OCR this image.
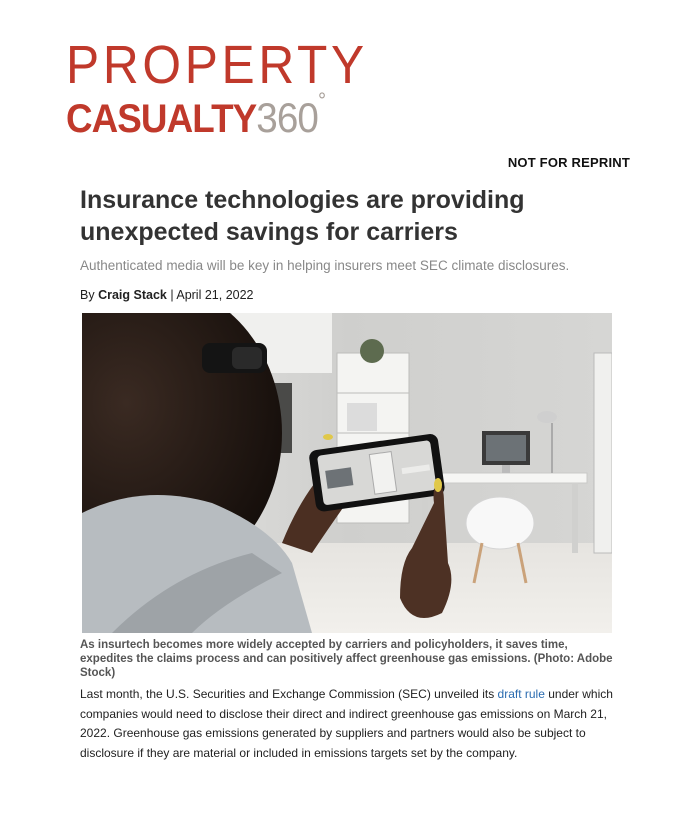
PROPERTY
CASUALTY360°
NOT FOR REPRINT
Insurance technologies are providing unexpected savings for carriers

Authenticated media will be key in helping insurers meet SEC climate disclosures.

By Craig Stack | April 21, 2022
As insurtech becomes more widely accepted by carriers and policyholders, it saves time, expedites the claims process and can positively affect greenhouse gas emissions. (Photo: Adobe Stock)
Last month, the U.S. Securities and Exchange Commission (SEC) unveiled its draft rule under which companies would need to disclose their direct and indirect greenhouse gas emissions on March 21, 2022. Greenhouse gas emissions generated by suppliers and partners would also be subject to disclosure if they are material or included in emissions targets set by the company.
